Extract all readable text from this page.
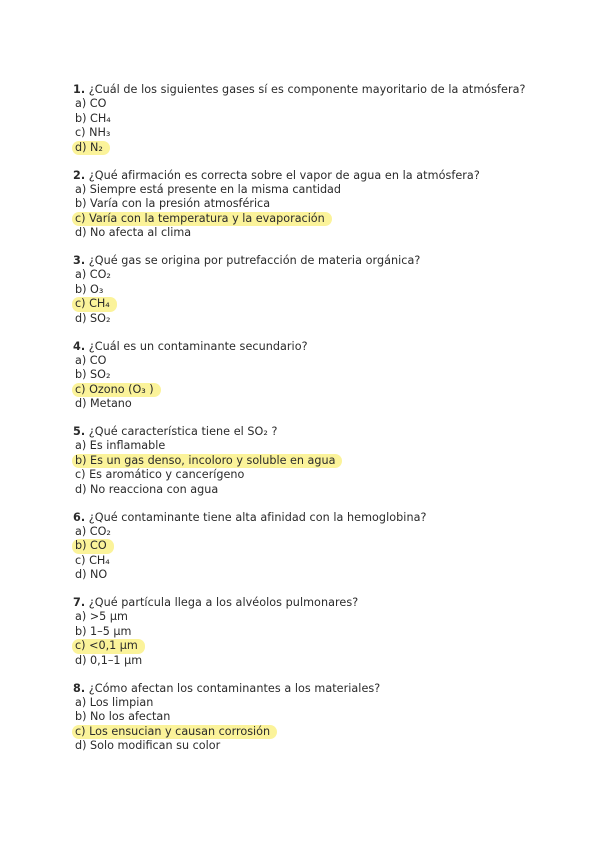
1. ¿Cuál de los siguientes gases sí es componente mayoritario de la atmósfera?
a) CO
b) CH₄
c) NH₃
d) N₂
2. ¿Qué afirmación es correcta sobre el vapor de agua en la atmósfera?
a) Siempre está presente en la misma cantidad
b) Varía con la presión atmosférica
c) Varía con la temperatura y la evaporación
d) No afecta al clima
3. ¿Qué gas se origina por putrefacción de materia orgánica?
a) CO₂
b) O₃
c) CH₄
d) SO₂
4. ¿Cuál es un contaminante secundario?
a) CO
b) SO₂
c) Ozono (O₃ )
d) Metano
5. ¿Qué característica tiene el SO₂ ?
a) Es inflamable
b) Es un gas denso, incoloro y soluble en agua
c) Es aromático y cancerígeno
d) No reacciona con agua
6. ¿Qué contaminante tiene alta afinidad con la hemoglobina?
a) CO₂
b) CO
c) CH₄
d) NO
7. ¿Qué partícula llega a los alvéolos pulmonares?
a) >5 µm
b) 1–5 µm
c) <0,1 µm
d) 0,1–1 µm
8. ¿Cómo afectan los contaminantes a los materiales?
a) Los limpian
b) No los afectan
c) Los ensucian y causan corrosión
d) Solo modifican su color
